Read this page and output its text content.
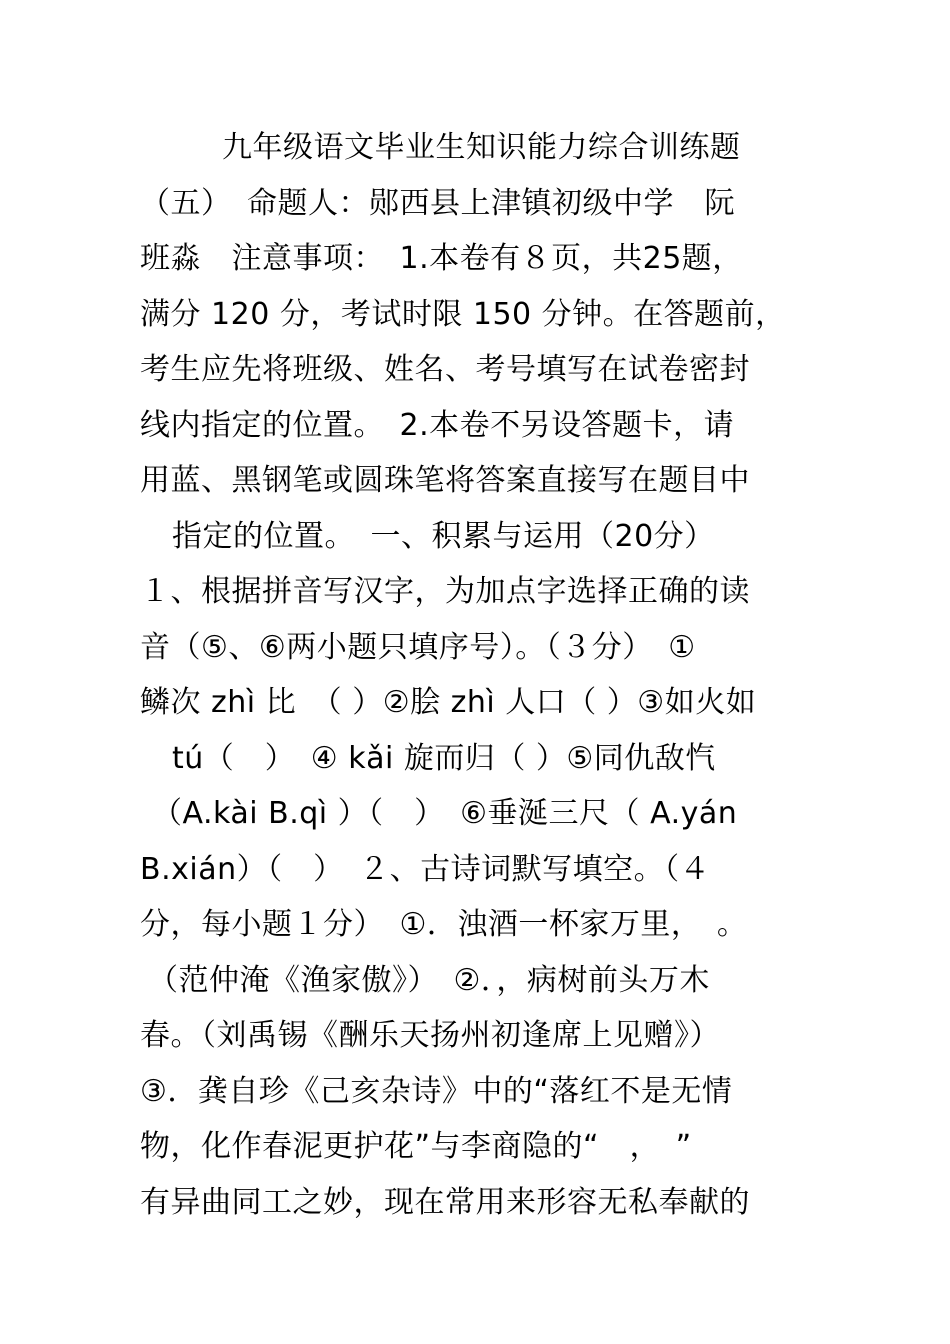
九年级语文毕业生知识能力综合训练题
（五）　命题人：郧西县上津镇初级中学　阮
班淼　注意事项：　1.本卷有８页，共25题，
满分 120 分，考试时限 150 分钟。在答题前，
考生应先将班级、姓名、考号填写在试卷密封
线内指定的位置。　2.本卷不另设答题卡，请
用蓝、黑钢笔或圆珠笔将答案直接写在题目中
指定的位置。　一、积累与运用（20分）
１、根据拼音写汉字，为加点字选择正确的读
音（⑤、⑥两小题只填序号）。（３分）　①
鳞次 zhì 比　（ ）②脍 zhì 人口（ ）③如火如
tú（　）　④ kǎi 旋而归（ ）⑤同仇敌忾
（A.kài B.qì ）（　）　⑥垂涎三尺（ A.yán
B.xián）（　）　２、古诗词默写填空。（４
分，每小题１分）　①．浊酒一杯家万里，　。
（范仲淹《渔家傲》）　②．，病树前头万木
春。（刘禹锡《酬乐天扬州初逢席上见赠》）
③．龚自珍《己亥杂诗》中的“落红不是无情
物，化作春泥更护花”与李商隐的“　，　”
有异曲同工之妙，现在常用来形容无私奉献的
